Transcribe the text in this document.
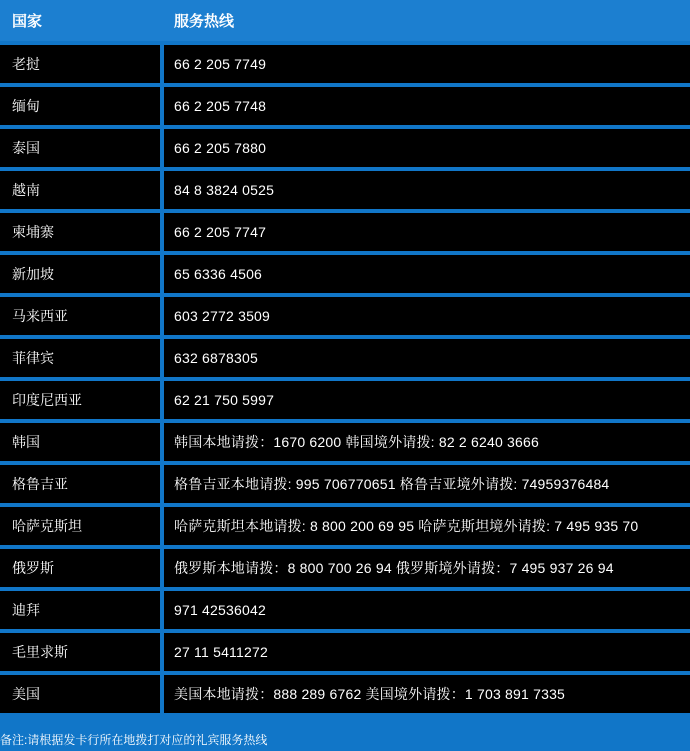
国家	服务热线
老挝	66 2 205 7749
缅甸	66 2 205 7748
泰国	66 2 205 7880
越南	84 8 3824 0525
柬埔寨	66 2 205 7747
新加坡	65 6336 4506
马来西亚	603 2772 3509
菲律宾	632 6878305
印度尼西亚	62 21 750 5997
韩国	韩国本地请拨：1670 6200 韩国境外请拨: 82 2 6240 3666
格鲁吉亚	格鲁吉亚本地请拨: 995 706770651 格鲁吉亚境外请拨: 74959376484
哈萨克斯坦	哈萨克斯坦本地请拨: 8 800 200 69 95 哈萨克斯坦境外请拨: 7 495 935 70
俄罗斯	俄罗斯本地请拨：8 800 700 26 94 俄罗斯境外请拨：7 495 937 26 94
迪拜	971 42536042
毛里求斯	27 11 5411272
美国	美国本地请拨：888 289 6762 美国境外请拨：1 703 891 7335
备注:请根据发卡行所在地拨打对应的礼宾服务热线
